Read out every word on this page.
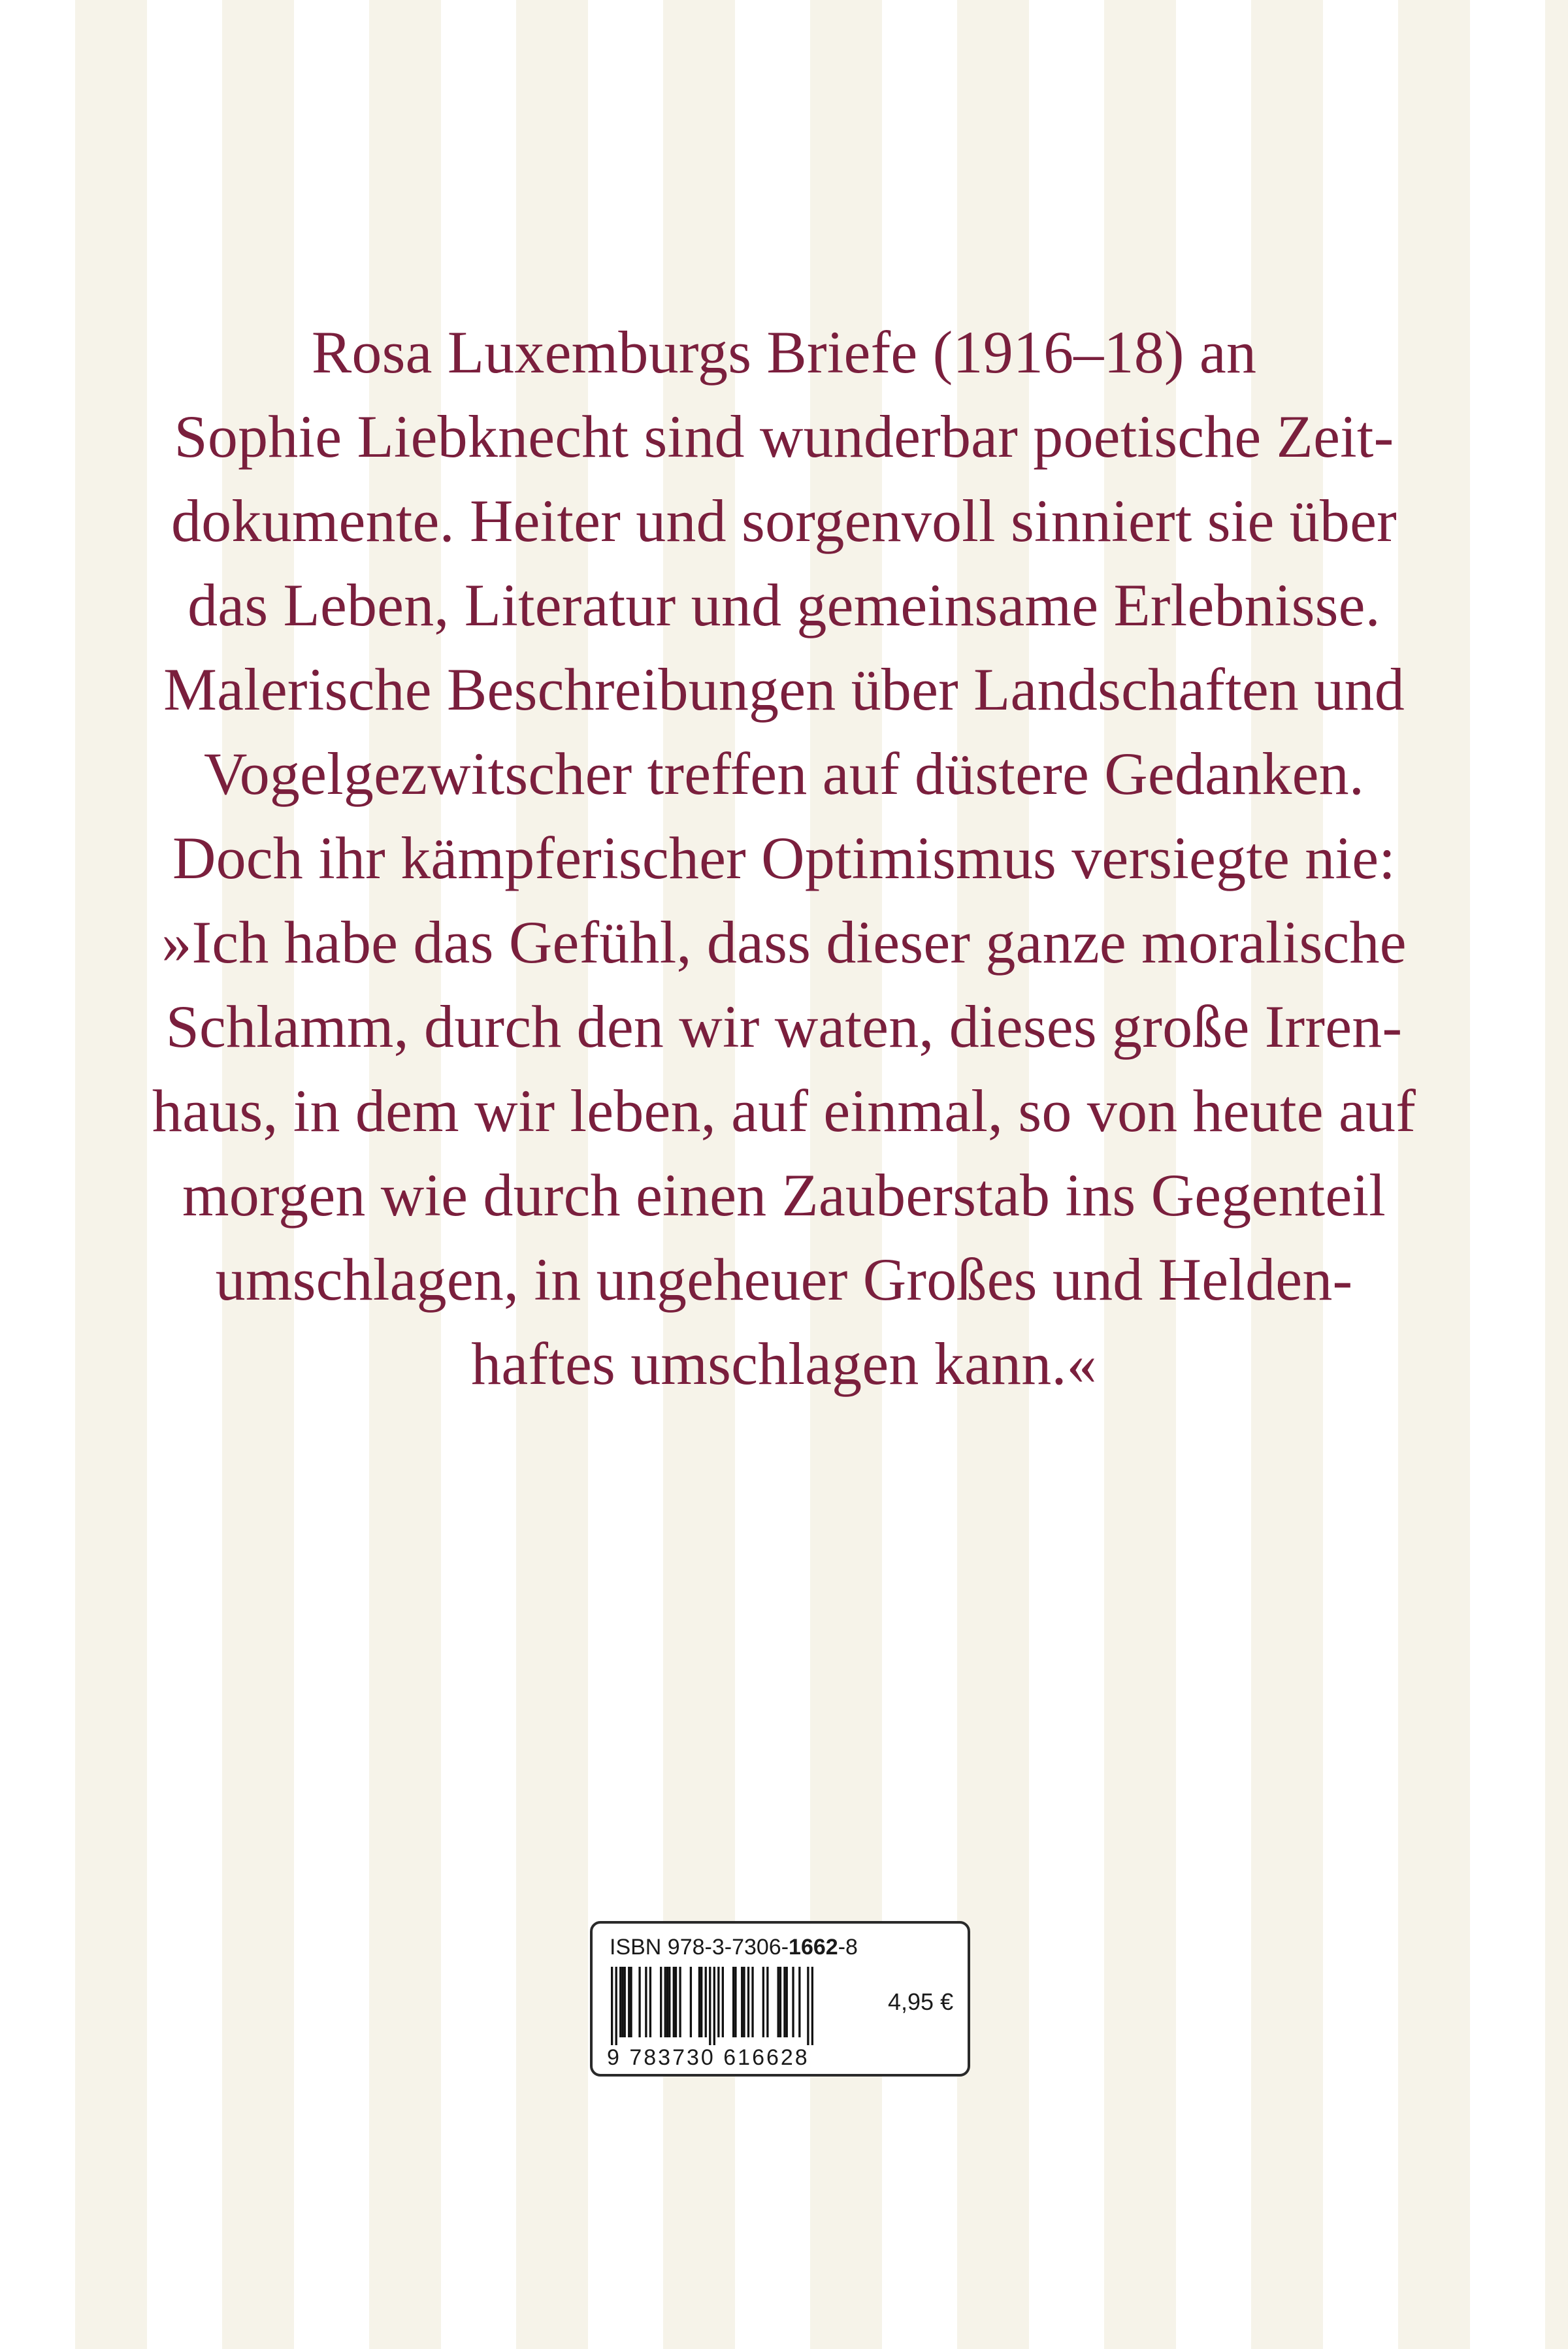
Rosa Luxemburgs Briefe (1916–18) an
Sophie Liebknecht sind wunderbar poetische Zeit-
dokumente. Heiter und sorgenvoll sinniert sie über
das Leben, Literatur und gemeinsame Erlebnisse.
Malerische Beschreibungen über Landschaften und
Vogelgezwitscher treffen auf düstere Gedanken.
Doch ihr kämpferischer Optimismus versiegte nie:
»Ich habe das Gefühl, dass dieser ganze moralische
Schlamm, durch den wir waten, dieses große Irren-
haus, in dem wir leben, auf einmal, so von heute auf
morgen wie durch einen Zauberstab ins Gegenteil
umschlagen, in ungeheuer Großes und Helden-
haftes umschlagen kann.«
ISBN 978-3-7306-1662-8
9 783730 616628
4,95 €
